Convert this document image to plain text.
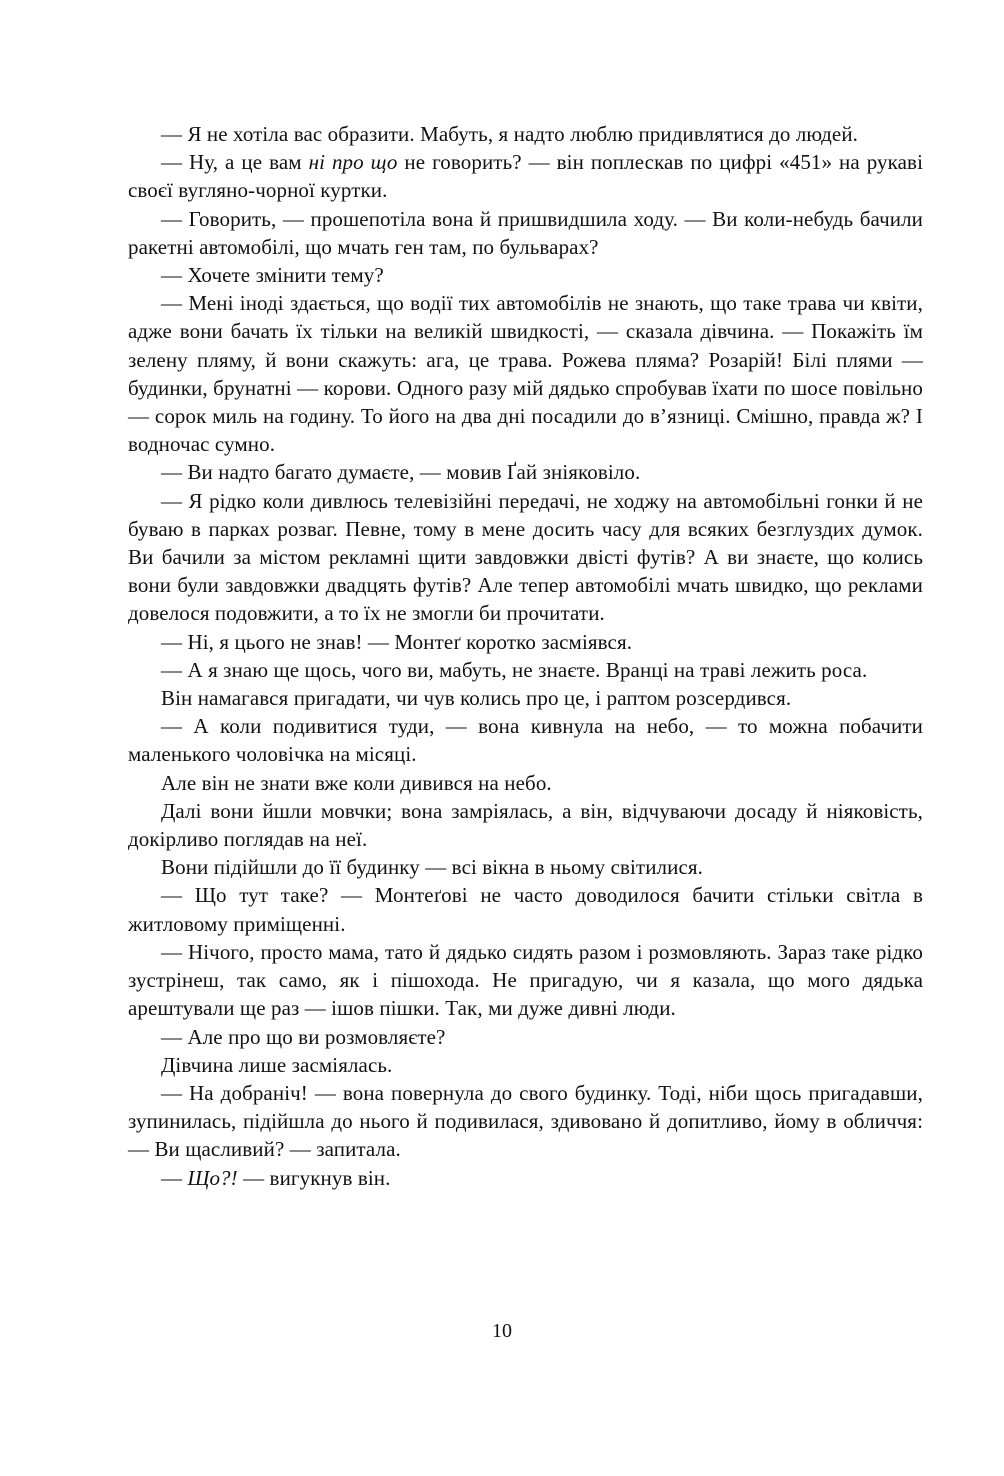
— Я не хотіла вас образити. Мабуть, я надто люблю придивлятися до людей.

— Ну, а це вам ні про що не говорить? — він поплескав по цифрі «451» на рукаві своєї вугляно-чорної куртки.

— Говорить, — прошепотіла вона й пришвидшила ходу. — Ви коли-небудь бачили ракетні автомобілі, що мчать ген там, по бульварах?

— Хочете змінити тему?

— Мені іноді здається, що водії тих автомобілів не знають, що таке трава чи квіти, адже вони бачать їх тільки на великій швидкості, — сказала дівчина. — Покажіть їм зелену пляму, й вони скажуть: ага, це трава. Рожева пляма? Розарій! Білі плями — будинки, брунатні — корови. Одного разу мій дядько спробував їхати по шосе повільно — сорок миль на годину. То його на два дні посадили до в’язниці. Смішно, правда ж? І водночас сумно.

— Ви надто багато думаєте, — мовив Ґай зніяковіло.

— Я рідко коли дивлюсь телевізійні передачі, не ходжу на автомобільні гонки й не буваю в парках розваг. Певне, тому в мене досить часу для всяких безглуздих думок. Ви бачили за містом рекламні щити завдовжки двісті футів? А ви знаєте, що колись вони були завдовжки двадцять футів? Але тепер автомобілі мчать швидко, що реклами довелося подовжити, а то їх не змогли би прочитати.

— Ні, я цього не знав! — Монтеґ коротко засміявся.

— А я знаю ще щось, чого ви, мабуть, не знаєте. Вранці на траві лежить роса.

Він намагався пригадати, чи чув колись про це, і раптом розсердився.

— А коли подивитися туди, — вона кивнула на небо, — то можна побачити маленького чоловічка на місяці.

Але він не знати вже коли дивився на небо.

Далі вони йшли мовчки; вона замріялась, а він, відчуваючи досаду й ніяковість, докірливо поглядав на неї.

Вони підійшли до її будинку — всі вікна в ньому світилися.

— Що тут таке? — Монтеґові не часто доводилося бачити стільки світла в житловому приміщенні.

— Нічого, просто мама, тато й дядько сидять разом і розмовляють. Зараз таке рідко зустрінеш, так само, як і пішохода. Не пригадую, чи я казала, що мого дядька арештували ще раз — ішов пішки. Так, ми дуже дивні люди.

— Але про що ви розмовляєте?

Дівчина лише засміялась.

— На добраніч! — вона повернула до свого будинку. Тоді, ніби щось пригадавши, зупинилась, підійшла до нього й подивилася, здивовано й допитливо, йому в обличчя: — Ви щасливий? — запитала.

— Що?! — вигукнув він.

10
